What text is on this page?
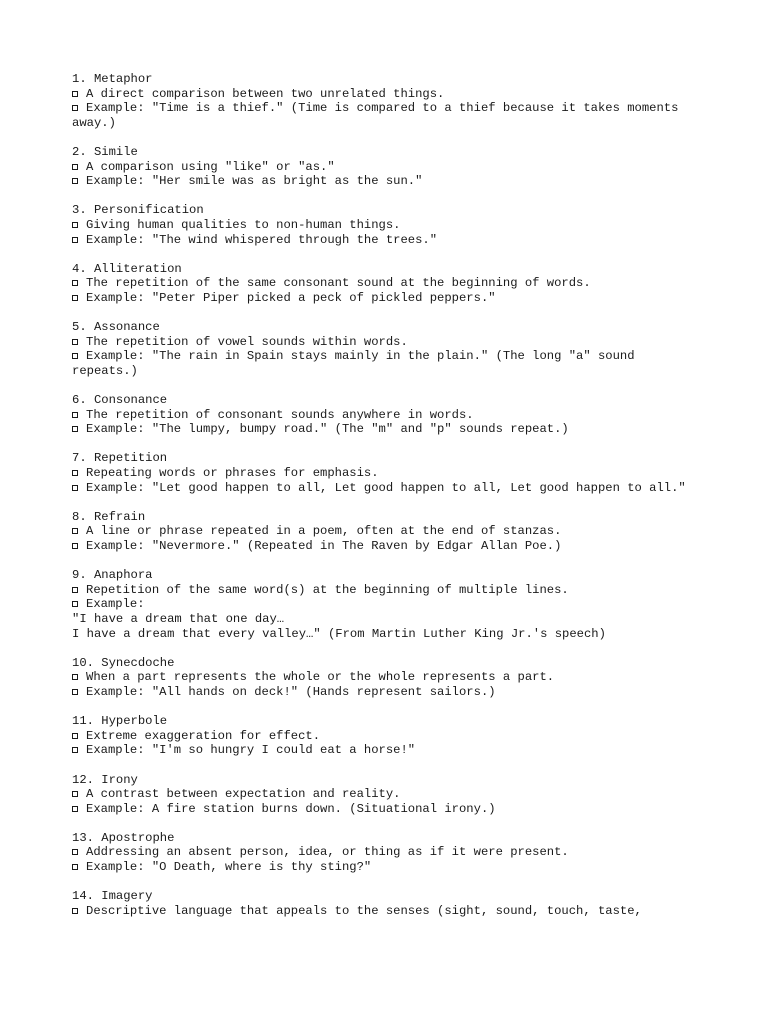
1. Metaphor
A direct comparison between two unrelated things.
Example: "Time is a thief." (Time is compared to a thief because it takes moments away.)
2. Simile
A comparison using "like" or "as."
Example: "Her smile was as bright as the sun."
3. Personification
Giving human qualities to non-human things.
Example: "The wind whispered through the trees."
4. Alliteration
The repetition of the same consonant sound at the beginning of words.
Example: "Peter Piper picked a peck of pickled peppers."
5. Assonance
The repetition of vowel sounds within words.
Example: "The rain in Spain stays mainly in the plain." (The long "a" sound repeats.)
6. Consonance
The repetition of consonant sounds anywhere in words.
Example: "The lumpy, bumpy road." (The "m" and "p" sounds repeat.)
7. Repetition
Repeating words or phrases for emphasis.
Example: "Let good happen to all, Let good happen to all, Let good happen to all."
8. Refrain
A line or phrase repeated in a poem, often at the end of stanzas.
Example: "Nevermore." (Repeated in The Raven by Edgar Allan Poe.)
9. Anaphora
Repetition of the same word(s) at the beginning of multiple lines.
Example:
"I have a dream that one day…
I have a dream that every valley…" (From Martin Luther King Jr.'s speech)
10. Synecdoche
When a part represents the whole or the whole represents a part.
Example: "All hands on deck!" (Hands represent sailors.)
11. Hyperbole
Extreme exaggeration for effect.
Example: "I'm so hungry I could eat a horse!"
12. Irony
A contrast between expectation and reality.
Example: A fire station burns down. (Situational irony.)
13. Apostrophe
Addressing an absent person, idea, or thing as if it were present.
Example: "O Death, where is thy sting?"
14. Imagery
Descriptive language that appeals to the senses (sight, sound, touch, taste,
